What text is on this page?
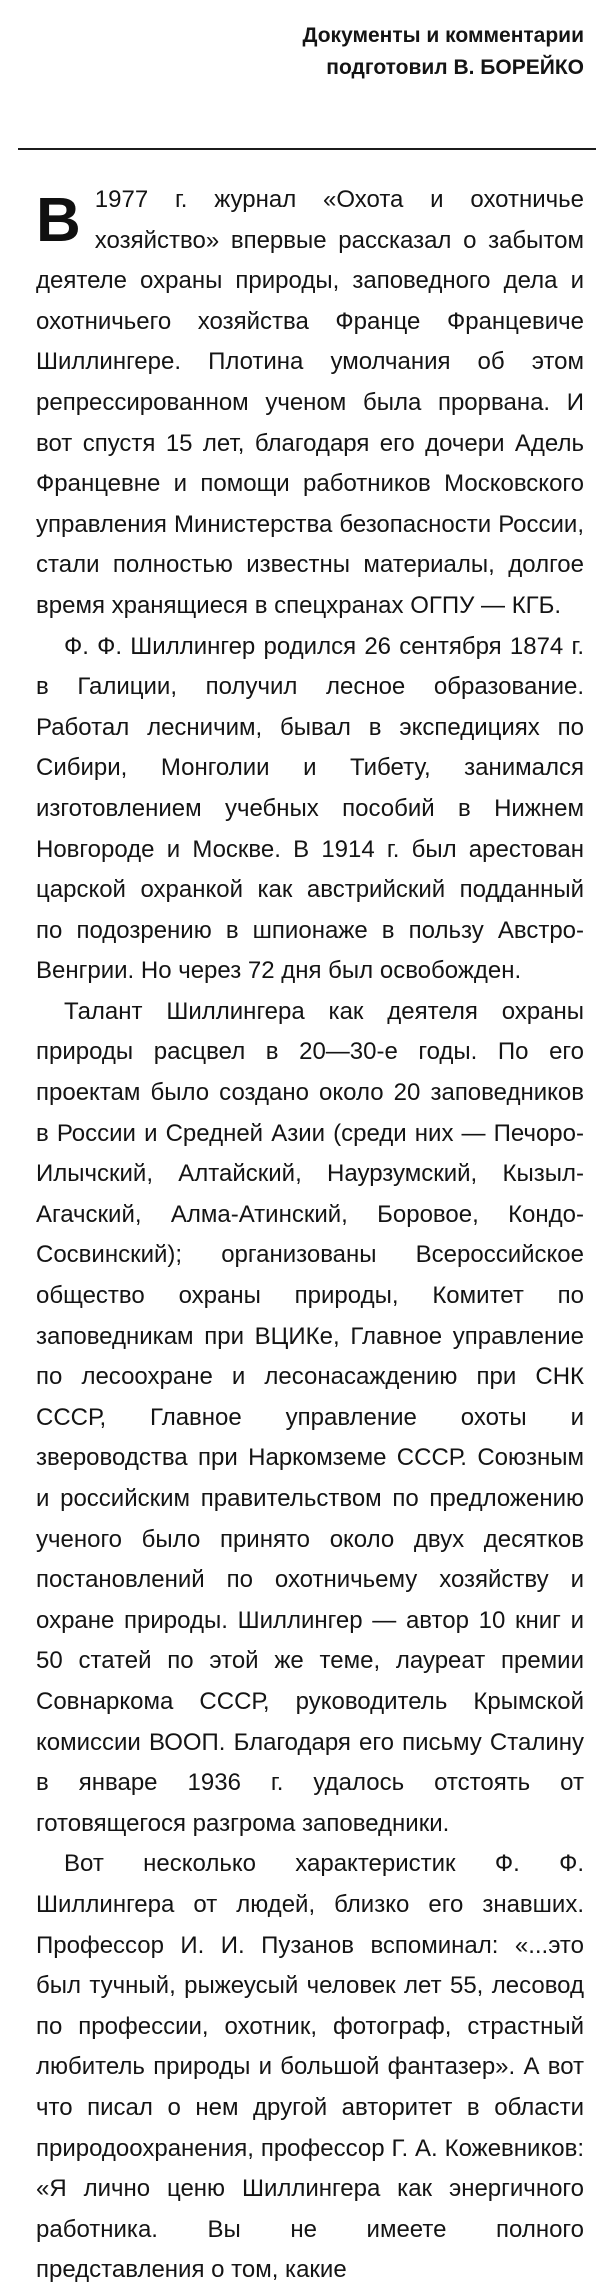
Документы и комментарии
подготовил В. БОРЕЙКО

В 1977 г. журнал «Охота и охотничье хозяйство» впервые рассказал о забытом деятеле охраны природы, заповедного дела и охотничьего хозяйства Франце Францевиче Шиллингере. Плотина умолчания об этом репрессированном ученом была прорвана. И вот спустя 15 лет, благодаря его дочери Адель Францевне и помощи работников Московского управления Министерства безопасности России, стали полностью известны материалы, долгое время хранящиеся в спецхранах ОГПУ — КГБ.

Ф. Ф. Шиллингер родился 26 сентября 1874 г. в Галиции, получил лесное образование. Работал лесничим, бывал в экспедициях по Сибири, Монголии и Тибету, занимался изготовлением учебных пособий в Нижнем Новгороде и Москве. В 1914 г. был арестован царской охранкой как австрийский подданный по подозрению в шпионаже в пользу Австро-Венгрии. Но через 72 дня был освобожден.

Талант Шиллингера как деятеля охраны природы расцвел в 20—30-е годы. По его проектам было создано около 20 заповедников в России и Средней Азии (среди них — Печоро-Илычский, Алтайский, Наурзумский, Кызыл-Агачский, Алма-Атинский, Боровое, Кондо-Сосвинский); организованы Всероссийское общество охраны природы, Комитет по заповедникам при ВЦИКе, Главное управление по лесоохране и лесонасаждению при СНК СССР, Главное управление охоты и звероводства при Наркомземе СССР. Союзным и российским правительством по предложению ученого было принято около двух десятков постановлений по охотничьему хозяйству и охране природы. Шиллингер — автор 10 книг и 50 статей по этой же теме, лауреат премии Совнаркома СССР, руководитель Крымской комиссии ВООП. Благодаря его письму Сталину в январе 1936 г. удалось отстоять от готовящегося разгрома заповедники.

Вот несколько характеристик Ф. Ф. Шиллингера от людей, близко его знавших. Профессор И. И. Пузанов вспоминал: «...это был тучный, рыжеусый человек лет 55, лесовод по профессии, охотник, фотограф, страстный любитель природы и большой фантазер». А вот что писал о нем другой авторитет в области природоохранения, профессор Г. А. Кожевников: «Я лично ценю Шиллингера как энергичного работника. Вы не имеете полного представления о том, какие
